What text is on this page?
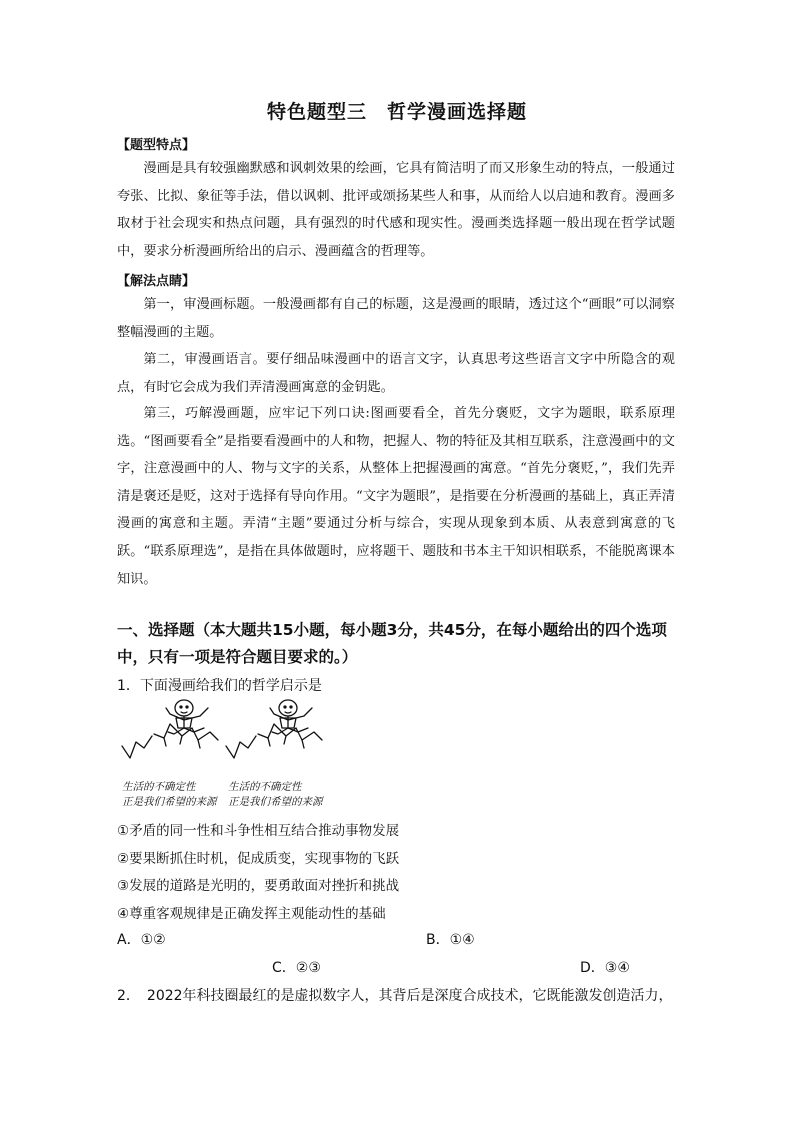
特色题型三　哲学漫画选择题
【题型特点】
漫画是具有较强幽默感和讽刺效果的绘画，它具有简洁明了而又形象生动的特点，一般通过夸张、比拟、象征等手法，借以讽刺、批评或颂扬某些人和事，从而给人以启迪和教育。漫画多取材于社会现实和热点问题，具有强烈的时代感和现实性。漫画类选择题一般出现在哲学试题中，要求分析漫画所给出的启示、漫画蕴含的哲理等。
【解法点睛】
第一，审漫画标题。一般漫画都有自己的标题，这是漫画的眼睛，透过这个“画眼”可以洞察整幅漫画的主题。
第二，审漫画语言。要仔细品味漫画中的语言文字，认真思考这些语言文字中所隐含的观点，有时它会成为我们弄清漫画寓意的金钥匙。
第三，巧解漫画题，应牢记下列口诀:图画要看全，首先分褒贬，文字为题眼，联系原理选。“图画要看全”是指要看漫画中的人和物，把握人、物的特征及其相互联系，注意漫画中的文字，注意漫画中的人、物与文字的关系，从整体上把握漫画的寓意。“首先分褒贬，”，我们先弄清是褒还是贬，这对于选择有导向作用。“文字为题眼”，是指要在分析漫画的基础上，真正弄清漫画的寓意和主题。弄清“主题”要通过分析与综合，实现从现象到本质、从表意到寓意的飞跃。“联系原理选”，是指在具体做题时，应将题干、题肢和书本主干知识相联系，不能脱离课本知识。
一、选择题（本大题共15小题，每小题3分，共45分，在每小题给出的四个选项中，只有一项是符合题目要求的。）
1．下面漫画给我们的哲学启示是
生活的不确定性
正是我们希望的来源
生活的不确定性
正是我们希望的来源
①矛盾的同一性和斗争性相互结合推动事物发展
②要果断抓住时机，促成质变，实现事物的飞跃
③发展的道路是光明的，要勇敢面对挫折和挑战
④尊重客观规律是正确发挥主观能动性的基础
A．①②	B．①④
C．②③	D．③④
2．　2022年科技圈最红的是虚拟数字人，其背后是深度合成技术，它既能激发创造活力，
